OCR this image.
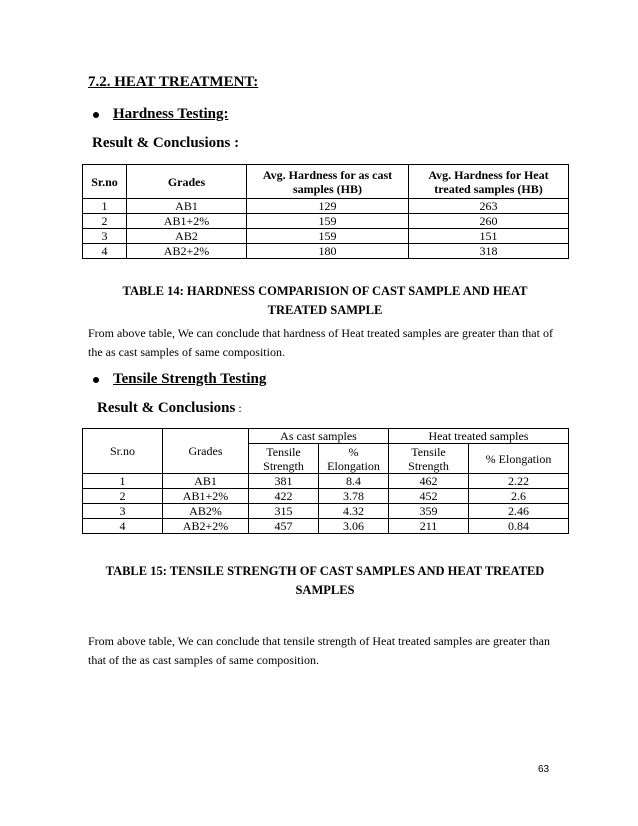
7.2. HEAT TREATMENT:
Hardness Testing:
Result & Conclusions :
Sr.no	Grades	Avg. Hardness for as cast samples (HB)	Avg. Hardness for Heat treated samples (HB)
1	AB1	129	263
2	AB1+2%	159	260
3	AB2	159	151
4	AB2+2%	180	318
TABLE 14: HARDNESS COMPARISION OF CAST SAMPLE AND HEAT TREATED SAMPLE
From above table, We can conclude that hardness of Heat treated samples are greater than that of the as cast samples of same composition.
Tensile Strength Testing
Result & Conclusions :
Sr.no	Grades	As cast samples		Heat treated samples	
		Tensile Strength	% Elongation	Tensile Strength	% Elongation
1	AB1	381	8.4	462	2.22
2	AB1+2%	422	3.78	452	2.6
3	AB2%	315	4.32	359	2.46
4	AB2+2%	457	3.06	211	0.84
TABLE 15: TENSILE STRENGTH OF CAST SAMPLES AND HEAT TREATED SAMPLES
From above table, We can conclude that tensile strength of Heat treated samples are greater than that of the as cast samples of same composition.
63
